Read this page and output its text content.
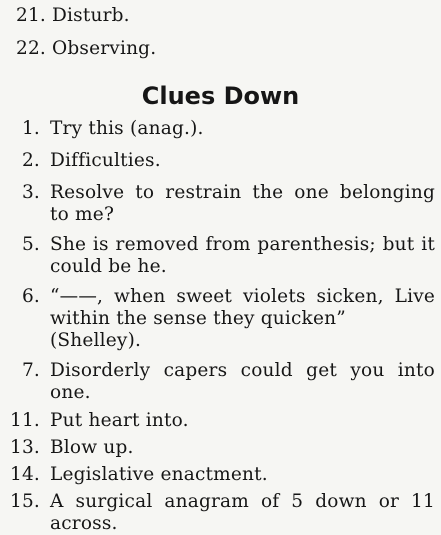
21. Disturb.
22. Observing.
Clues Down
1. Try this (anag.).
2. Difficulties.
3. Resolve to restrain the one belonging to me?
5. She is removed from parenthesis; but it could be he.
6. “——, when sweet violets sicken, Live within the sense they quicken”
(Shelley).
7. Disorderly capers could get you into one.
11. Put heart into.
13. Blow up.
14. Legislative enactment.
15. A surgical anagram of 5 down or 11 across.
